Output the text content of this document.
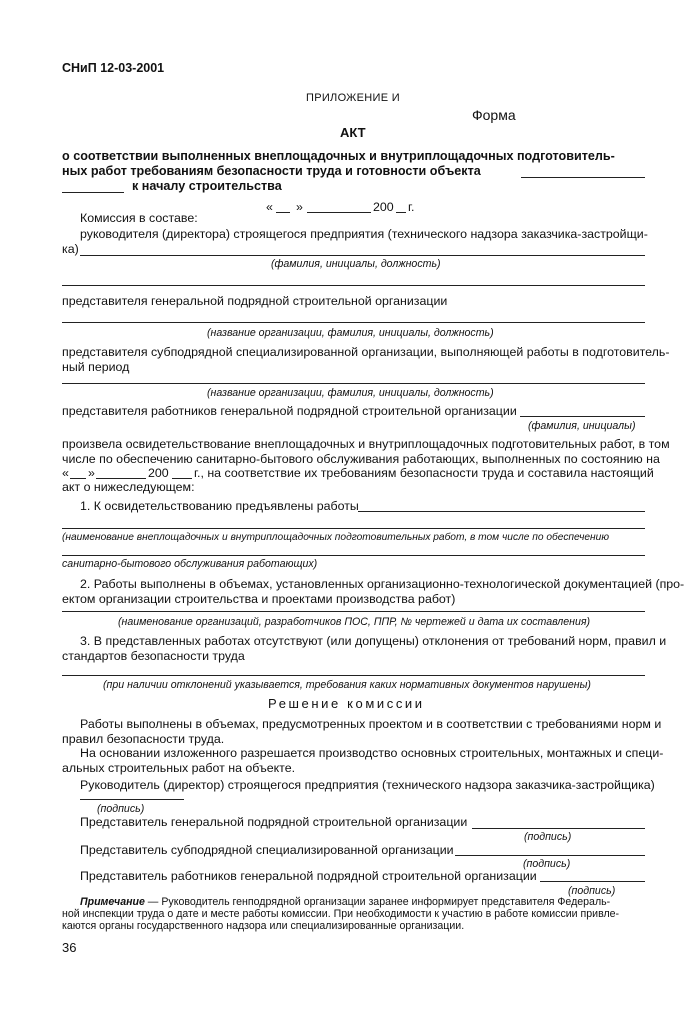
СНиП 12-03-2001
ПРИЛОЖЕНИЕ И
Форма
АКТ
о соответствии выполненных внеплощадочных и внутриплощадочных подготовитель-
ных работ требованиям безопасности труда и готовности объекта
к началу строительства
« »	200 г.
Комиссия в составе:
руководителя (директора) строящегося предприятия (технического надзора заказчика-застройщи-
ка)
(фамилия, инициалы, должность)
представителя генеральной подрядной строительной организации
(название организации, фамилия, инициалы, должность)
представителя субподрядной специализированной организации, выполняющей работы в подготовитель-
ный период
(название организации, фамилия, инициалы, должность)
представителя работников генеральной подрядной строительной организации
(фамилия, инициалы)
произвела освидетельствование внеплощадочных и внутриплощадочных подготовительных работ, в том
числе по обеспечению санитарно-бытового обслуживания работающих, выполненных по состоянию на
« »	200 г., на соответствие их требованиям безопасности труда и составила настоящий
акт о нижеследующем:
1. К освидетельствованию предъявлены работы
(наименование внеплощадочных и внутриплощадочных подготовительных работ, в том числе по обеспечению
санитарно-бытового обслуживания работающих)
2. Работы выполнены в объемах, установленных организационно-технологической документацией (про-
ектом организации строительства и проектами производства работ)
(наименование организаций, разработчиков ПОС, ППР, № чертежей и дата их составления)
3. В представленных работах отсутствуют (или допущены) отклонения от требований норм, правил и
стандартов безопасности труда
(при наличии отклонений указывается, требования каких нормативных документов нарушены)
Решение комиссии
Работы выполнены в объемах, предусмотренных проектом и в соответствии с требованиями норм и
правил безопасности труда.
На основании изложенного разрешается производство основных строительных, монтажных и специ-
альных строительных работ на объекте.
Руководитель (директор) строящегося предприятия (технического надзора заказчика-застройщика)
(подпись)
Представитель генеральной подрядной строительной организации
(подпись)
Представитель субподрядной специализированной организации
(подпись)
Представитель работников генеральной подрядной строительной организации
(подпись)
Примечание — Руководитель генподрядной организации заранее информирует представителя Федераль-
ной инспекции труда о дате и месте работы комиссии. При необходимости к участию в работе комиссии привле-
каются органы государственного надзора или специализированные организации.
36
